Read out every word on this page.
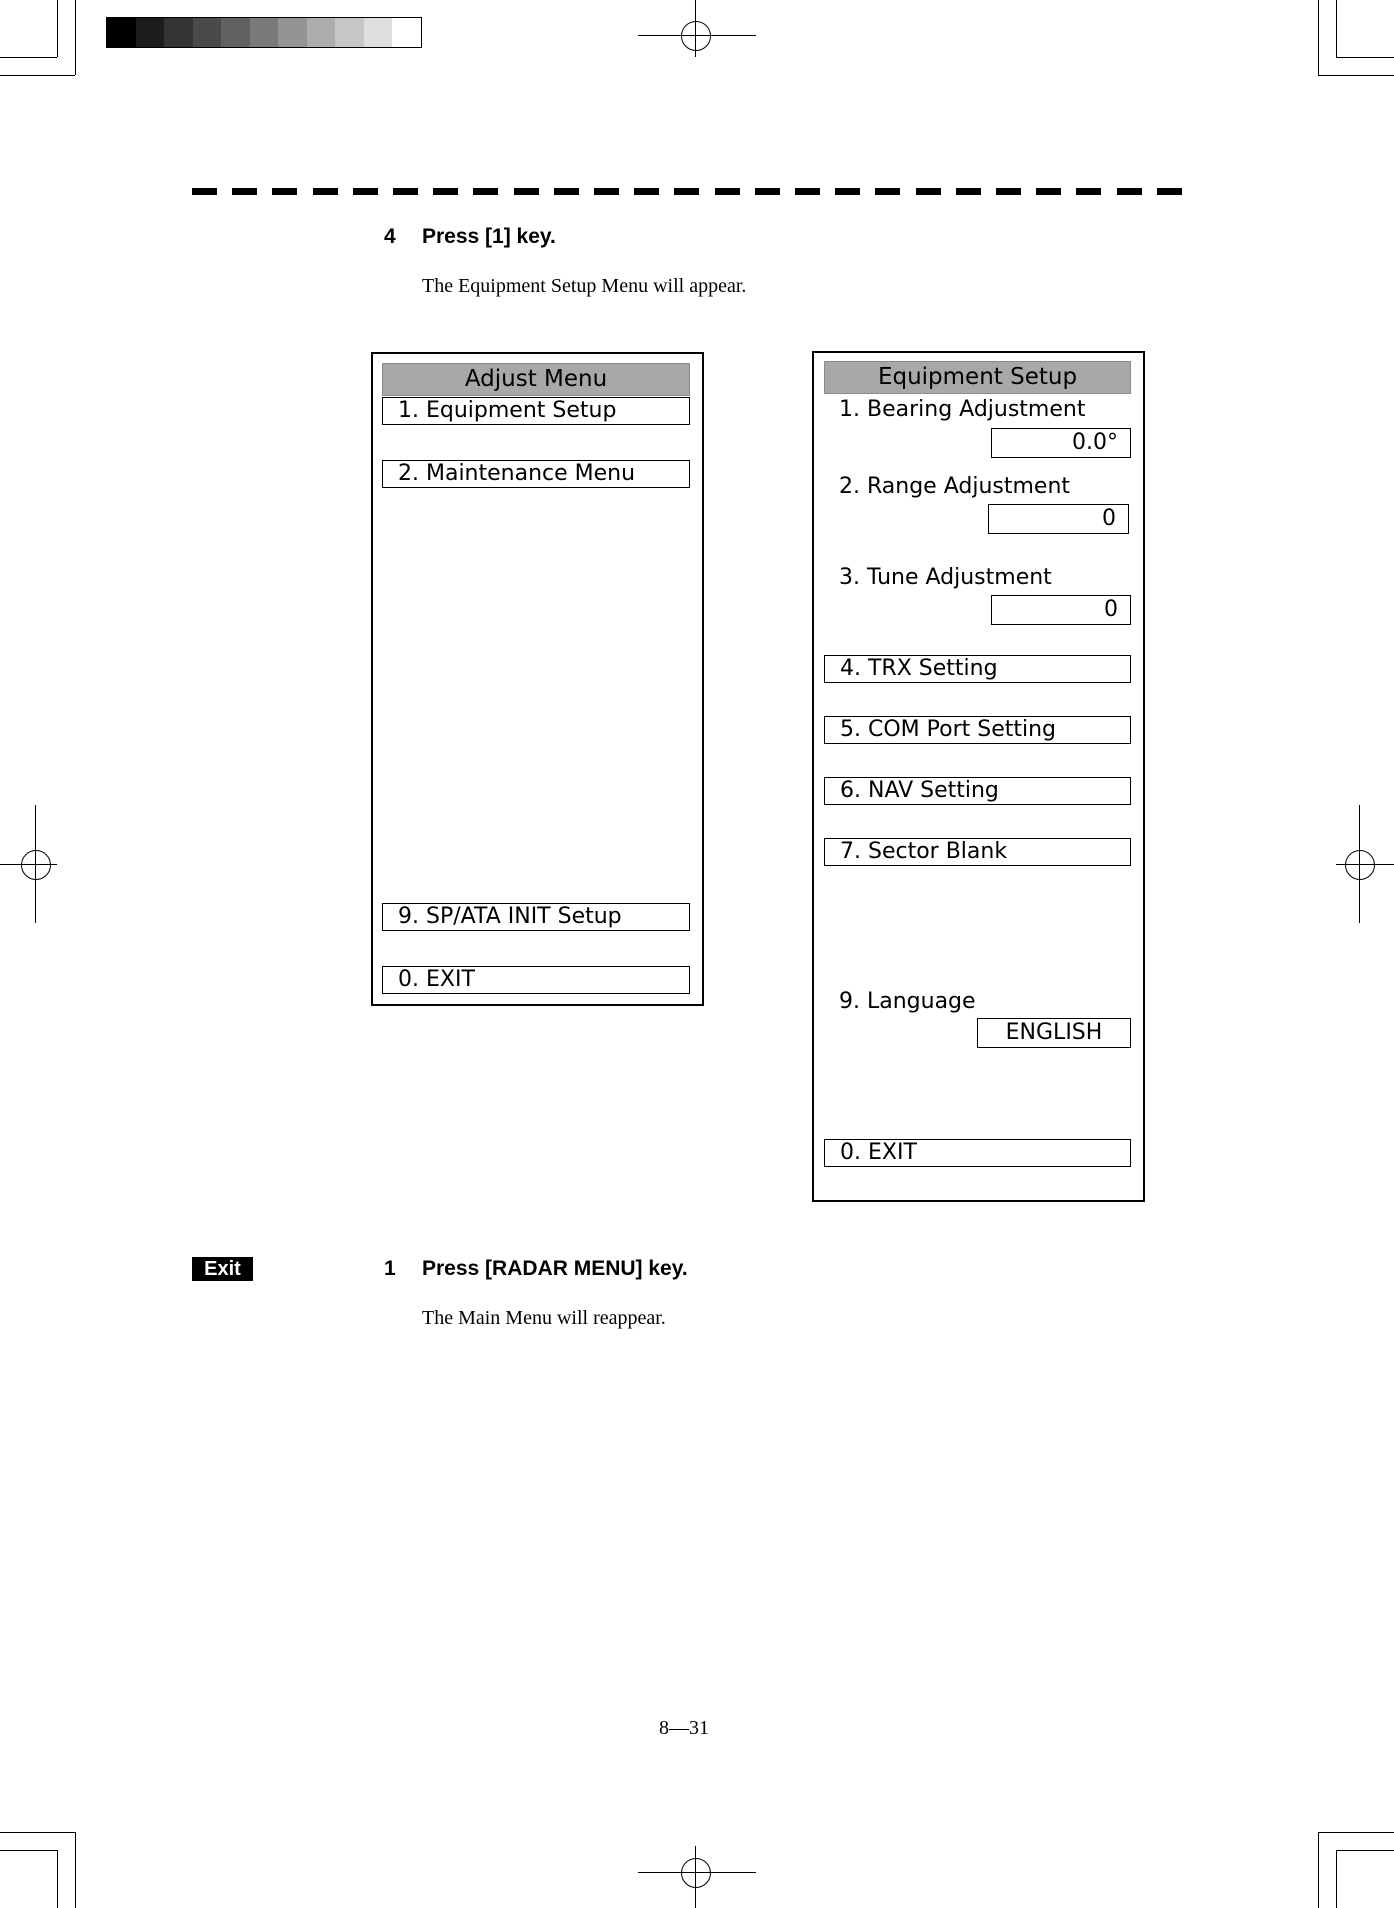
4 Press [1] key.
The Equipment Setup Menu will appear.
Adjust Menu
1. Equipment Setup
2. Maintenance Menu
9. SP/ATA INIT Setup
0. EXIT
Equipment Setup
1. Bearing Adjustment
0.0°
2. Range Adjustment
0
3. Tune Adjustment
0
4. TRX Setting
5. COM Port Setting
6. NAV Setting
7. Sector Blank
9. Language
ENGLISH
0. EXIT
Exit	1 Press [RADAR MENU] key.
The Main Menu will reappear.
8—31
